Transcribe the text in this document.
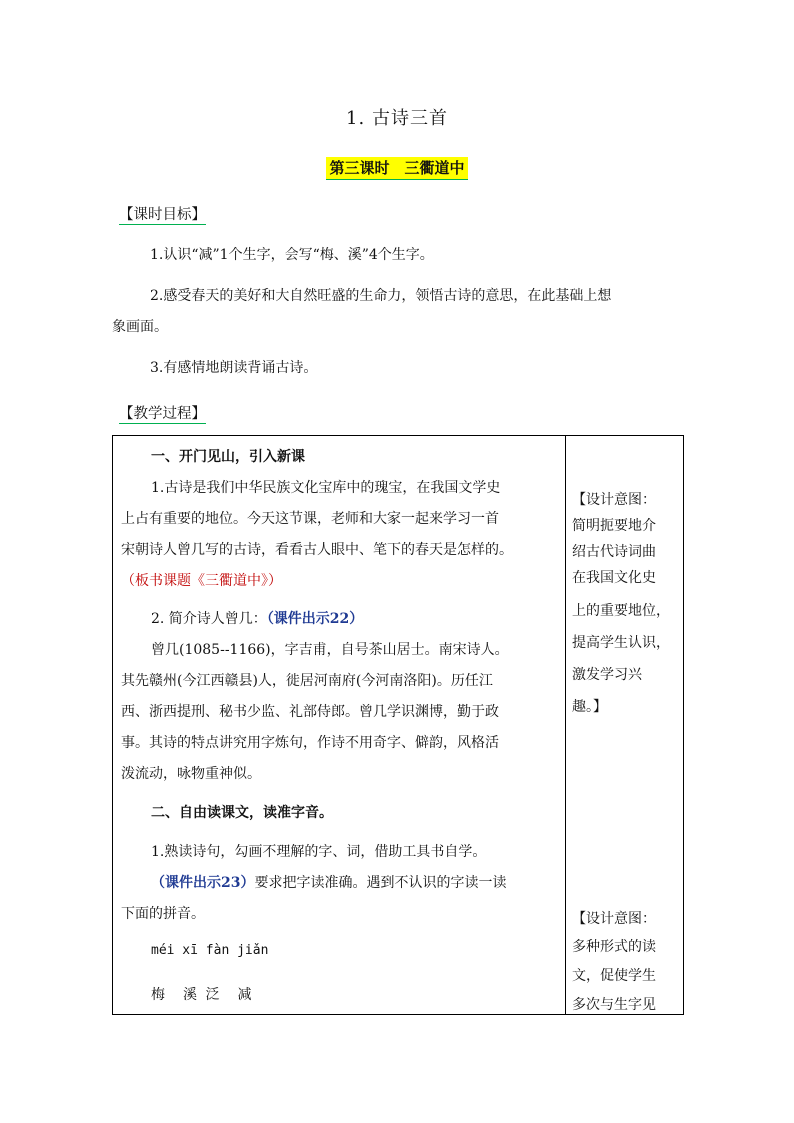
1. 古诗三首
第三课时　三衢道中
【课时目标】
1.认识“减”1个生字，会写“梅、溪”4个生字。
2.感受春天的美好和大自然旺盛的生命力，领悟古诗的意思，在此基础上想
象画面。
3.有感情地朗读背诵古诗。
【教学过程】
一、开门见山，引入新课
1.古诗是我们中华民族文化宝库中的瑰宝，在我国文学史
上占有重要的地位。今天这节课，老师和大家一起来学习一首
宋朝诗人曾几写的古诗，看看古人眼中、笔下的春天是怎样的。
（板书课题《三衢道中》）
2. 简介诗人曾几：（课件出示22）
曾几(1085--1166)，字吉甫，自号茶山居士。南宋诗人。
其先赣州(今江西赣县)人，徙居河南府(今河南洛阳)。历任江
西、浙西提刑、秘书少监、礼部侍郎。曾几学识渊博，勤于政
事。其诗的特点讲究用字炼句，作诗不用奇字、僻韵，风格活
泼流动，咏物重神似。
二、自由读课文，读准字音。
1.熟读诗句，勾画不理解的字、词，借助工具书自学。
（课件出示23）要求把字读准确。遇到不认识的字读一读
下面的拼音。
méi xī fàn jiǎn
梅　溪 泛　减

【设计意图：
简明扼要地介
绍古代诗词曲
在我国文化史
上的重要地位，
提高学生认识，
激发学习兴
趣。】
【设计意图：
多种形式的读
文，促使学生
多次与生字见
